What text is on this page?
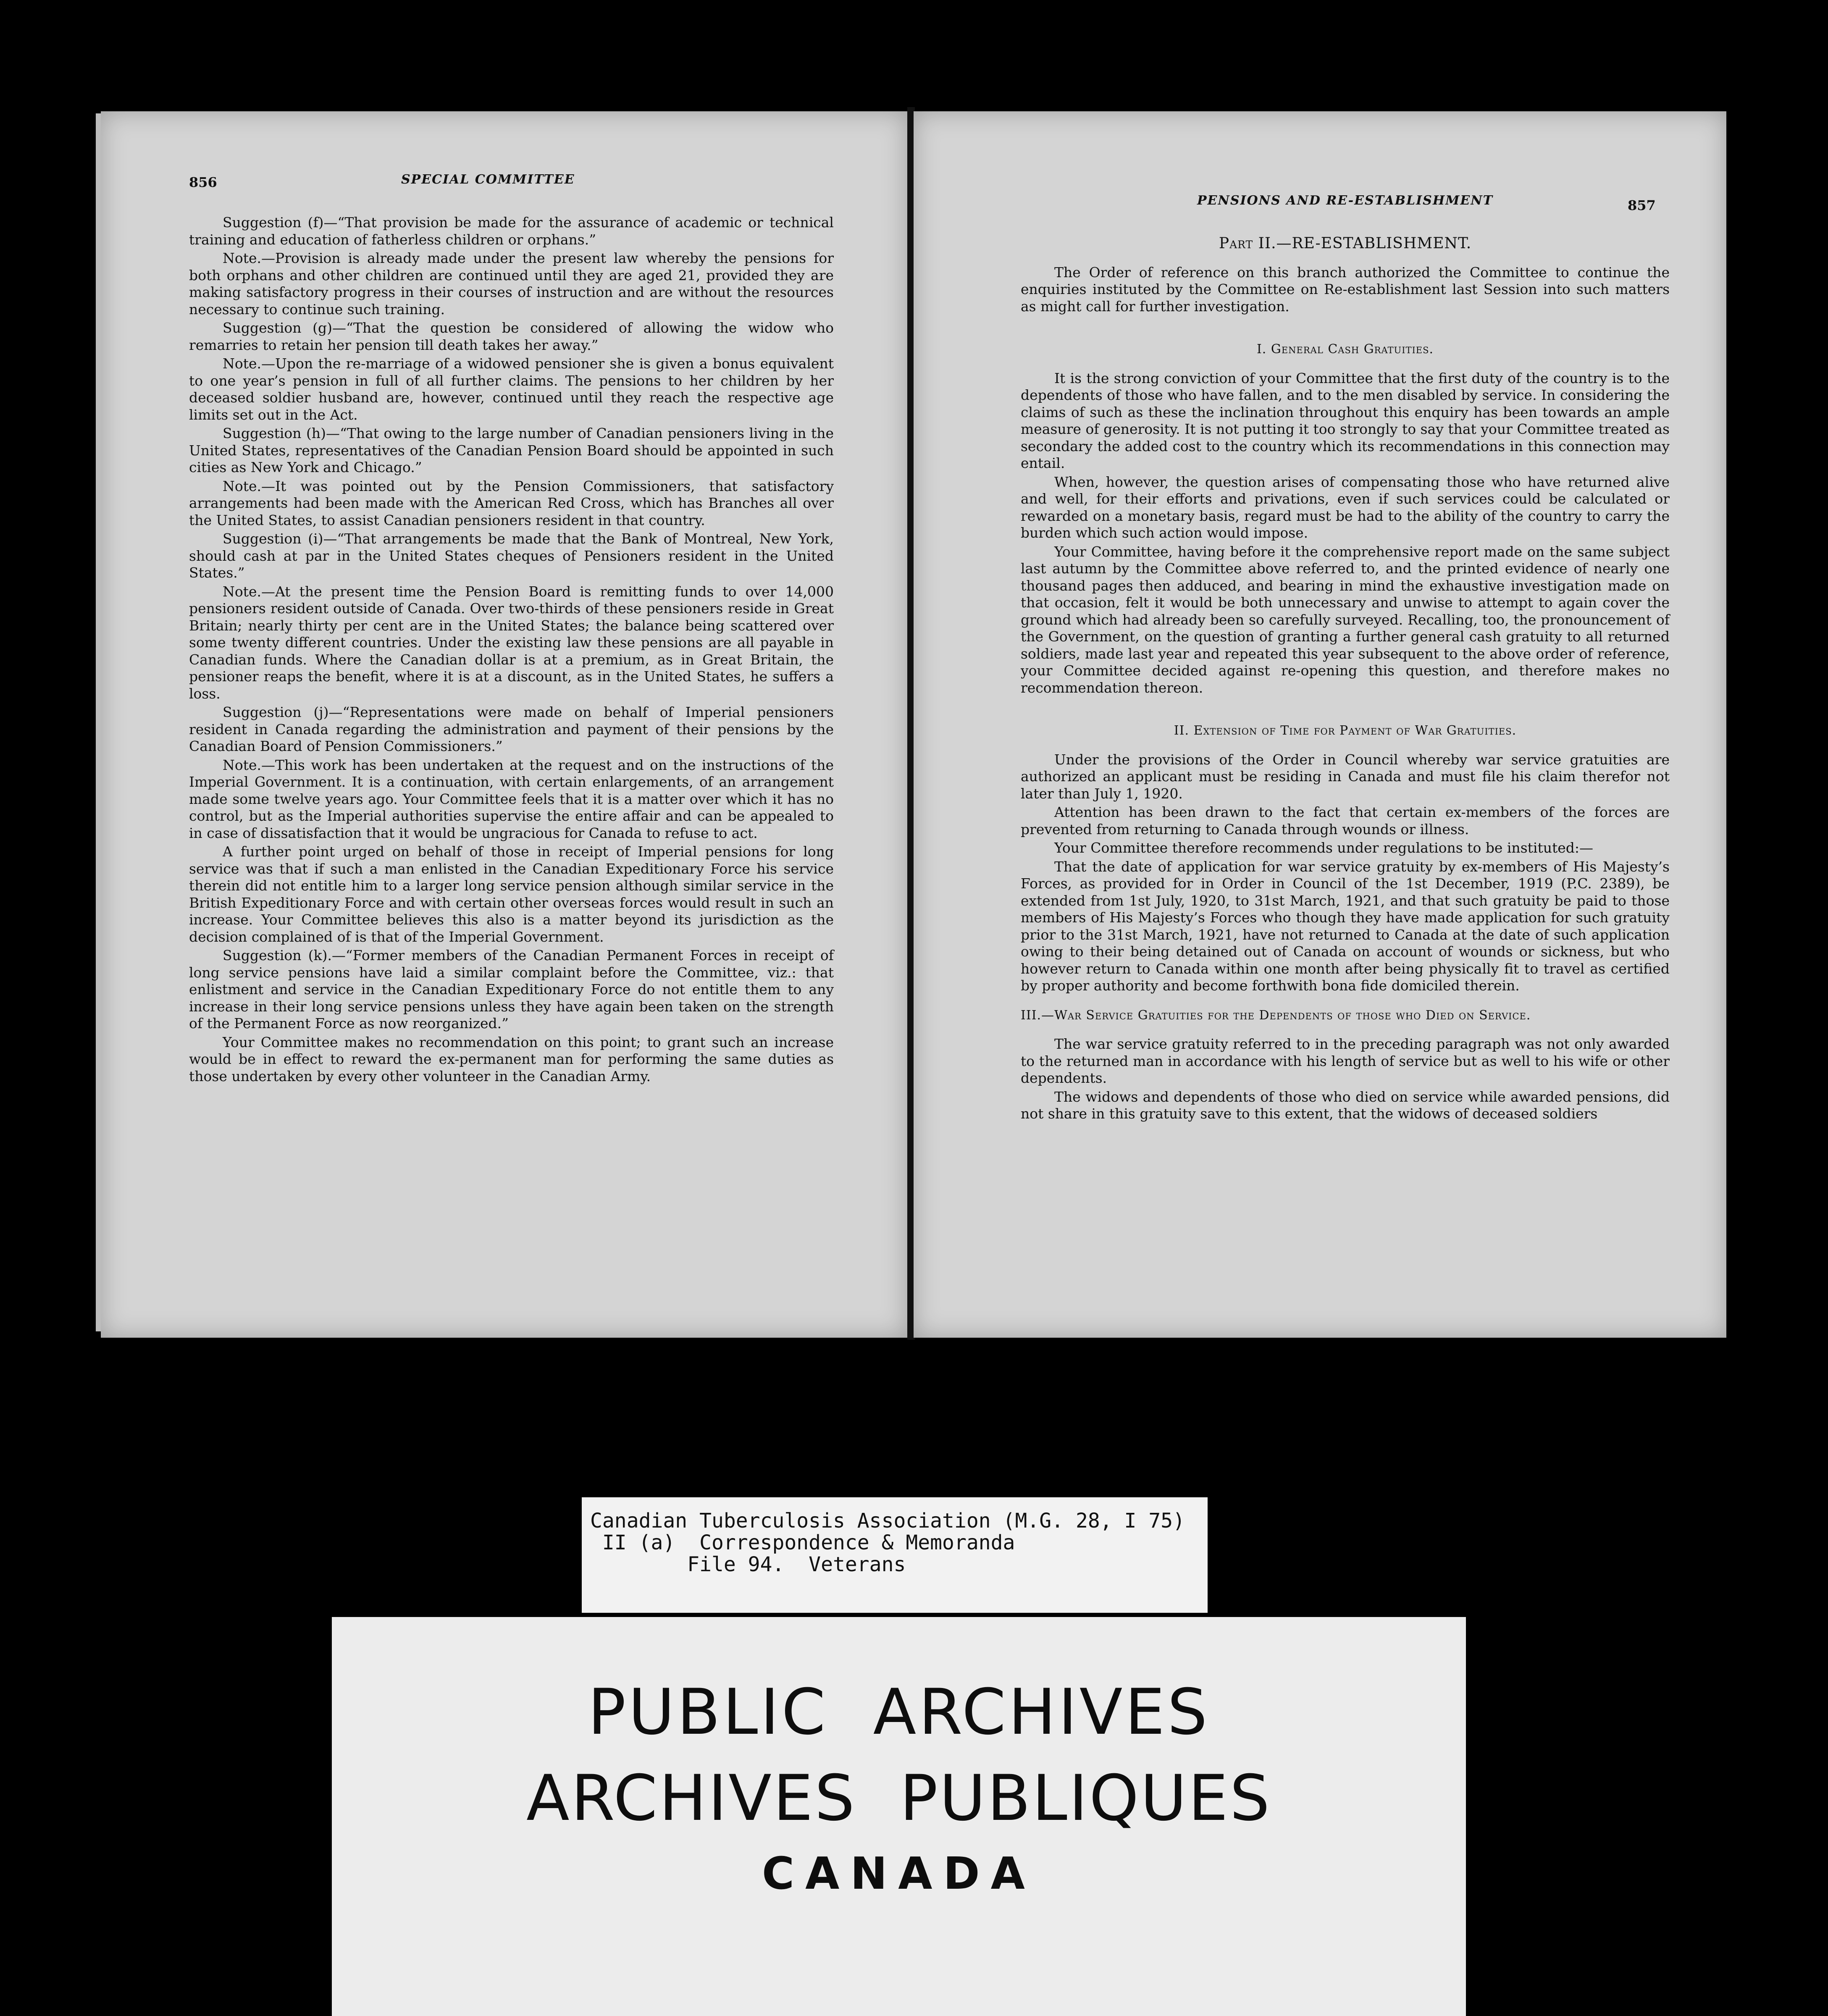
856	SPECIAL COMMITTEE

Suggestion (f)—“That provision be made for the assurance of academic or technical training and education of fatherless children or orphans.”

Note.—Provision is already made under the present law whereby the pensions for both orphans and other children are continued until they are aged 21, provided they are making satisfactory progress in their courses of instruction and are without the resources necessary to continue such training.

Suggestion (g)—“That the question be considered of allowing the widow who remarries to retain her pension till death takes her away.”

Note.—Upon the re-marriage of a widowed pensioner she is given a bonus equivalent to one year’s pension in full of all further claims. The pensions to her children by her deceased soldier husband are, however, continued until they reach the respective age limits set out in the Act.

Suggestion (h)—“That owing to the large number of Canadian pensioners living in the United States, representatives of the Canadian Pension Board should be appointed in such cities as New York and Chicago.”

Note.—It was pointed out by the Pension Commissioners, that satisfactory arrangements had been made with the American Red Cross, which has Branches all over the United States, to assist Canadian pensioners resident in that country.

Suggestion (i)—“That arrangements be made that the Bank of Montreal, New York, should cash at par in the United States cheques of Pensioners resident in the United States.”

Note.—At the present time the Pension Board is remitting funds to over 14,000 pensioners resident outside of Canada. Over two-thirds of these pensioners reside in Great Britain; nearly thirty per cent are in the United States; the balance being scattered over some twenty different countries. Under the existing law these pensions are all payable in Canadian funds. Where the Canadian dollar is at a premium, as in Great Britain, the pensioner reaps the benefit, where it is at a discount, as in the United States, he suffers a loss.

Suggestion (j)—“Representations were made on behalf of Imperial pensioners resident in Canada regarding the administration and payment of their pensions by the Canadian Board of Pension Commissioners.”

Note.—This work has been undertaken at the request and on the instructions of the Imperial Government. It is a continuation, with certain enlargements, of an arrangement made some twelve years ago. Your Committee feels that it is a matter over which it has no control, but as the Imperial authorities supervise the entire affair and can be appealed to in case of dissatisfaction that it would be ungracious for Canada to refuse to act.

A further point urged on behalf of those in receipt of Imperial pensions for long service was that if such a man enlisted in the Canadian Expeditionary Force his service therein did not entitle him to a larger long service pension although similar service in the British Expeditionary Force and with certain other overseas forces would result in such an increase. Your Committee believes this also is a matter beyond its jurisdiction as the decision complained of is that of the Imperial Government.

Suggestion (k).—“Former members of the Canadian Permanent Forces in receipt of long service pensions have laid a similar complaint before the Committee, viz.: that enlistment and service in the Canadian Expeditionary Force do not entitle them to any increase in their long service pensions unless they have again been taken on the strength of the Permanent Force as now reorganized.”

Your Committee makes no recommendation on this point; to grant such an increase would be in effect to reward the ex-permanent man for performing the same duties as those undertaken by every other volunteer in the Canadian Army.

PENSIONS AND RE-ESTABLISHMENT	857
Part II.—RE-ESTABLISHMENT.

The Order of reference on this branch authorized the Committee to continue the enquiries instituted by the Committee on Re-establishment last Session into such matters as might call for further investigation.

I. General Cash Gratuities.

It is the strong conviction of your Committee that the first duty of the country is to the dependents of those who have fallen, and to the men disabled by service. In considering the claims of such as these the inclination throughout this enquiry has been towards an ample measure of generosity. It is not putting it too strongly to say that your Committee treated as secondary the added cost to the country which its recommendations in this connection may entail.

When, however, the question arises of compensating those who have returned alive and well, for their efforts and privations, even if such services could be calculated or rewarded on a monetary basis, regard must be had to the ability of the country to carry the burden which such action would impose.

Your Committee, having before it the comprehensive report made on the same subject last autumn by the Committee above referred to, and the printed evidence of nearly one thousand pages then adduced, and bearing in mind the exhaustive investigation made on that occasion, felt it would be both unnecessary and unwise to attempt to again cover the ground which had already been so carefully surveyed. Recalling, too, the pronouncement of the Government, on the question of granting a further general cash gratuity to all returned soldiers, made last year and repeated this year subsequent to the above order of reference, your Committee decided against re-opening this question, and therefore makes no recommendation thereon.

II. Extension of Time for Payment of War Gratuities.

Under the provisions of the Order in Council whereby war service gratuities are authorized an applicant must be residing in Canada and must file his claim therefor not later than July 1, 1920.

Attention has been drawn to the fact that certain ex-members of the forces are prevented from returning to Canada through wounds or illness.

Your Committee therefore recommends under regulations to be instituted:—

That the date of application for war service gratuity by ex-members of His Majesty’s Forces, as provided for in Order in Council of the 1st December, 1919 (P.C. 2389), be extended from 1st July, 1920, to 31st March, 1921, and that such gratuity be paid to those members of His Majesty’s Forces who though they have made application for such gratuity prior to the 31st March, 1921, have not returned to Canada at the date of such application owing to their being detained out of Canada on account of wounds or sickness, but who however return to Canada within one month after being physically fit to travel as certified by proper authority and become forthwith bona fide domiciled therein.

III.—War Service Gratuities for the Dependents of those who Died on Service.

The war service gratuity referred to in the preceding paragraph was not only awarded to the returned man in accordance with his length of service but as well to his wife or other dependents.

The widows and dependents of those who died on service while awarded pensions, did not share in this gratuity save to this extent, that the widows of deceased soldiers

Canadian Tuberculosis Association (M.G. 28, I 75)
II (a)  Correspondence & Memoranda
File 94.  Veterans
PUBLIC  ARCHIVES
ARCHIVES  PUBLIQUES
CANADA
